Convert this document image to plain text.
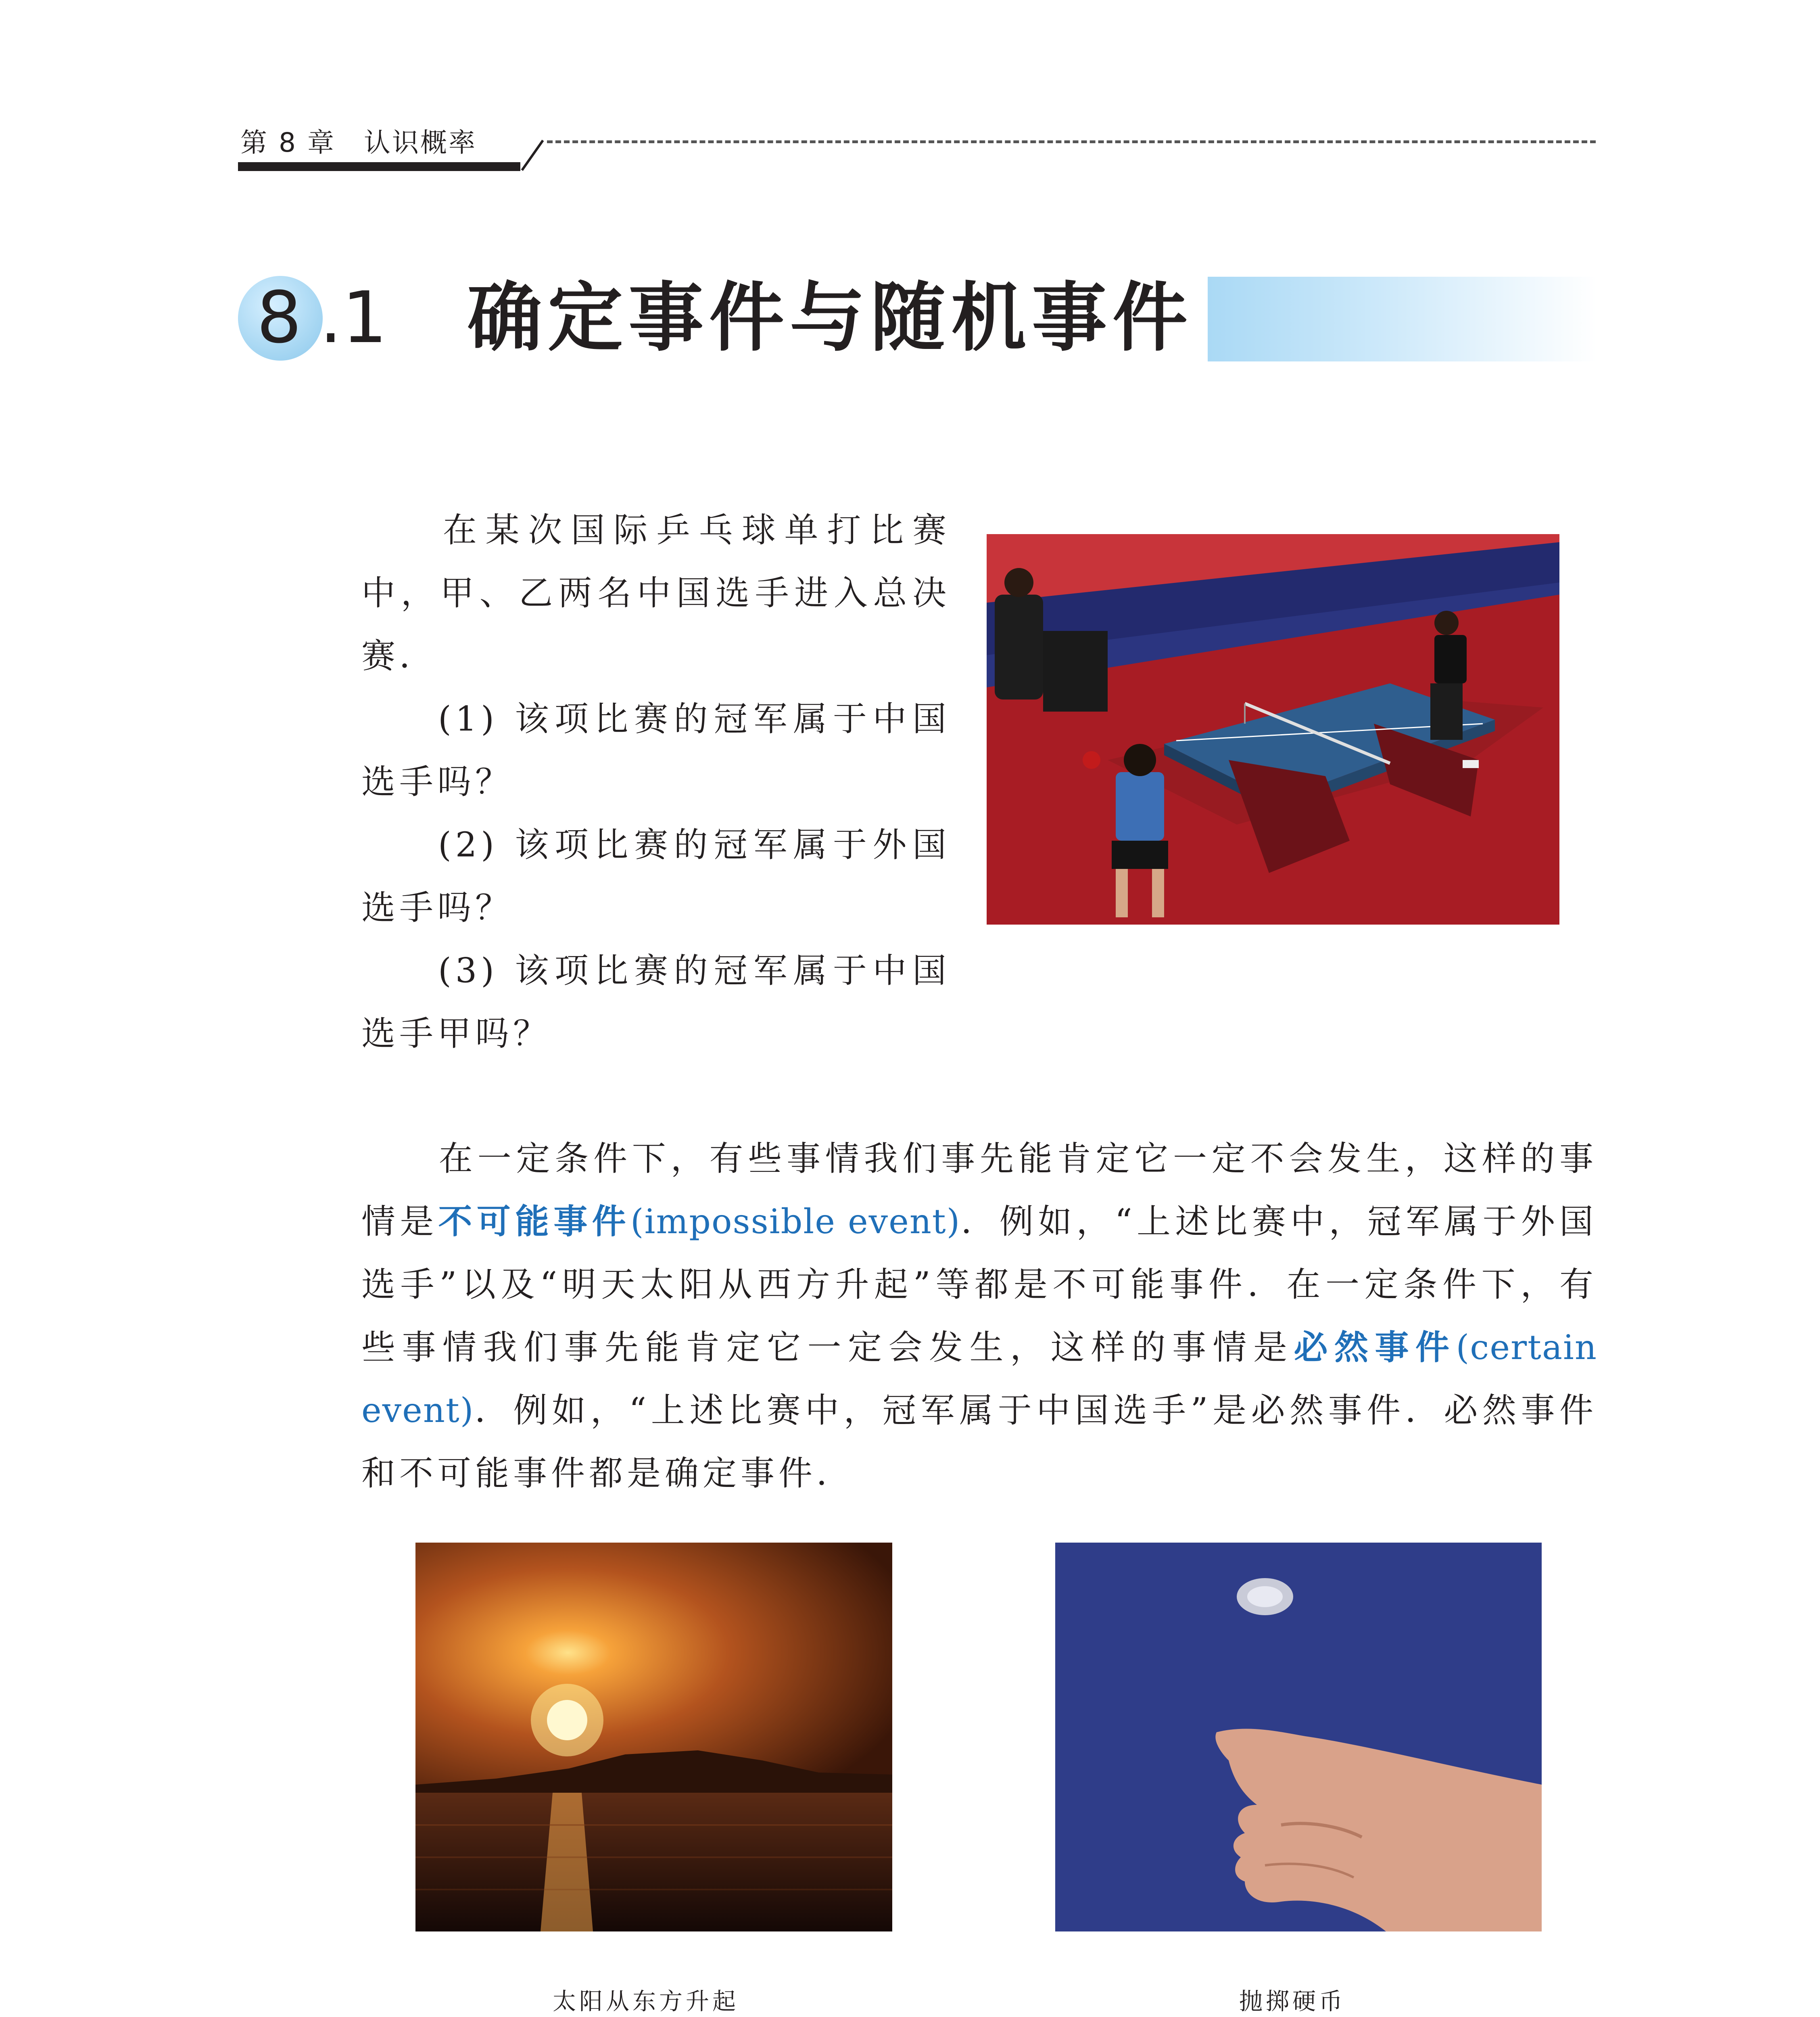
第 8 章 认识概率
8 .1 确定事件与随机事件

在某次国际乒乓球单打比赛中，甲、乙两名中国选手进入总决赛．

(1) 该项比赛的冠军属于中国选手吗？

(2) 该项比赛的冠军属于外国选手吗？

(3) 该项比赛的冠军属于中国选手甲吗？

在一定条件下，有些事情我们事先能肯定它一定不会发生，这样的事情是不可能事件(impossible event)．例如，“上述比赛中，冠军属于外国选手”以及“明天太阳从西方升起”等都是不可能事件．在一定条件下，有些事情我们事先能肯定它一定会发生，这样的事情是必然事件(certain event)．例如，“上述比赛中，冠军属于中国选手”是必然事件．必然事件和不可能事件都是确定事件．

太阳从东方升起	抛掷硬币
